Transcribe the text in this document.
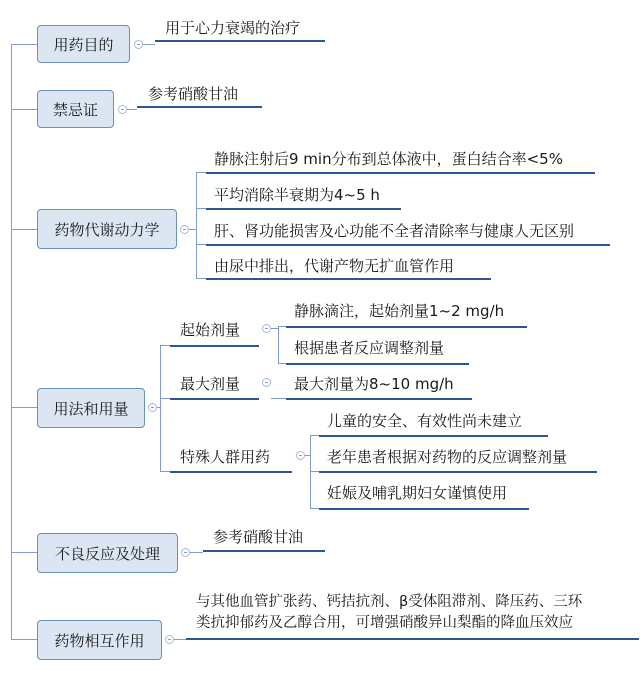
用药目的
用于心力衰竭的治疗
禁忌证
参考硝酸甘油
药物代谢动力学
静脉注射后9 min分布到总体液中，蛋白结合率<5%
平均消除半衰期为4~5 h
肝、肾功能损害及心功能不全者清除率与健康人无区别
由尿中排出，代谢产物无扩血管作用
用法和用量
起始剂量
静脉滴注，起始剂量1~2 mg/h
根据患者反应调整剂量
最大剂量	最大剂量为8~10 mg/h
特殊人群用药
儿童的安全、有效性尚未建立
老年患者根据对药物的反应调整剂量
妊娠及哺乳期妇女谨慎使用
不良反应及处理
参考硝酸甘油
药物相互作用
与其他血管扩张药、钙拮抗剂、β受体阻滞剂、降压药、三环
类抗抑郁药及乙醇合用，可增强硝酸异山梨酯的降血压效应
